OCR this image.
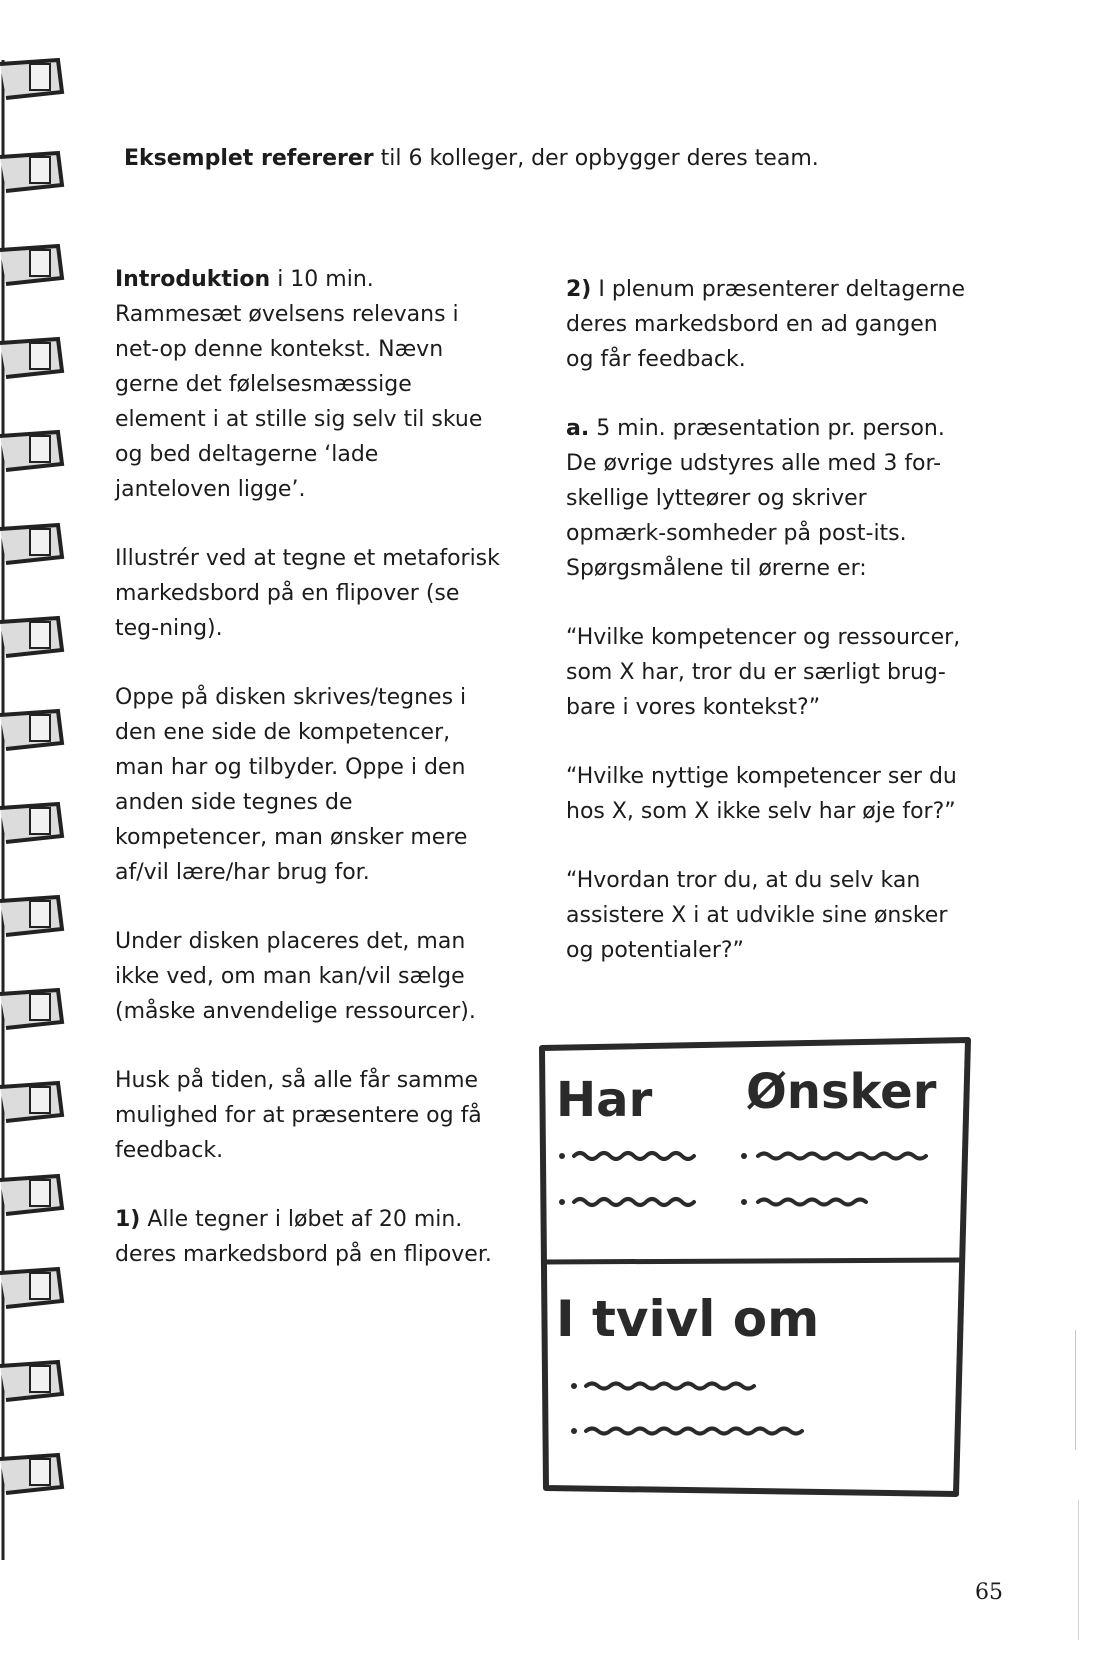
Eksemplet refererer til 6 kolleger, der opbygger deres team.

Introduktion i 10 min.
Rammesæt øvelsens relevans i net-op denne kontekst. Nævn gerne det følelsesmæssige element i at stille sig selv til skue og bed deltagerne ‘lade janteloven ligge’.

Illustrér ved at tegne et metaforisk markedsbord på en flipover (se teg-ning).

Oppe på disken skrives/tegnes i den ene side de kompetencer, man har og tilbyder. Oppe i den anden side tegnes de kompetencer, man ønsker mere af/vil lære/har brug for.

Under disken placeres det, man ikke ved, om man kan/vil sælge (måske anvendelige ressourcer).

Husk på tiden, så alle får samme mulighed for at præsentere og få feedback.

1) Alle tegner i løbet af 20 min. deres markedsbord på en flipover.

2) I plenum præsenterer deltagerne deres markedsbord en ad gangen og får feedback.

a. 5 min. præsentation pr. person. De øvrige udstyres alle med 3 for-skellige lytteører og skriver opmærk-somheder på post-its. Spørgsmålene til ørerne er:

“Hvilke kompetencer og ressourcer, som X har, tror du er særligt brug-bare i vores kontekst?”

“Hvilke nyttige kompetencer ser du hos X, som X ikke selv har øje for?”

“Hvordan tror du, at du selv kan assistere X i at udvikle sine ønsker og potentialer?”

Har Ønsker
I tvivl om
65
